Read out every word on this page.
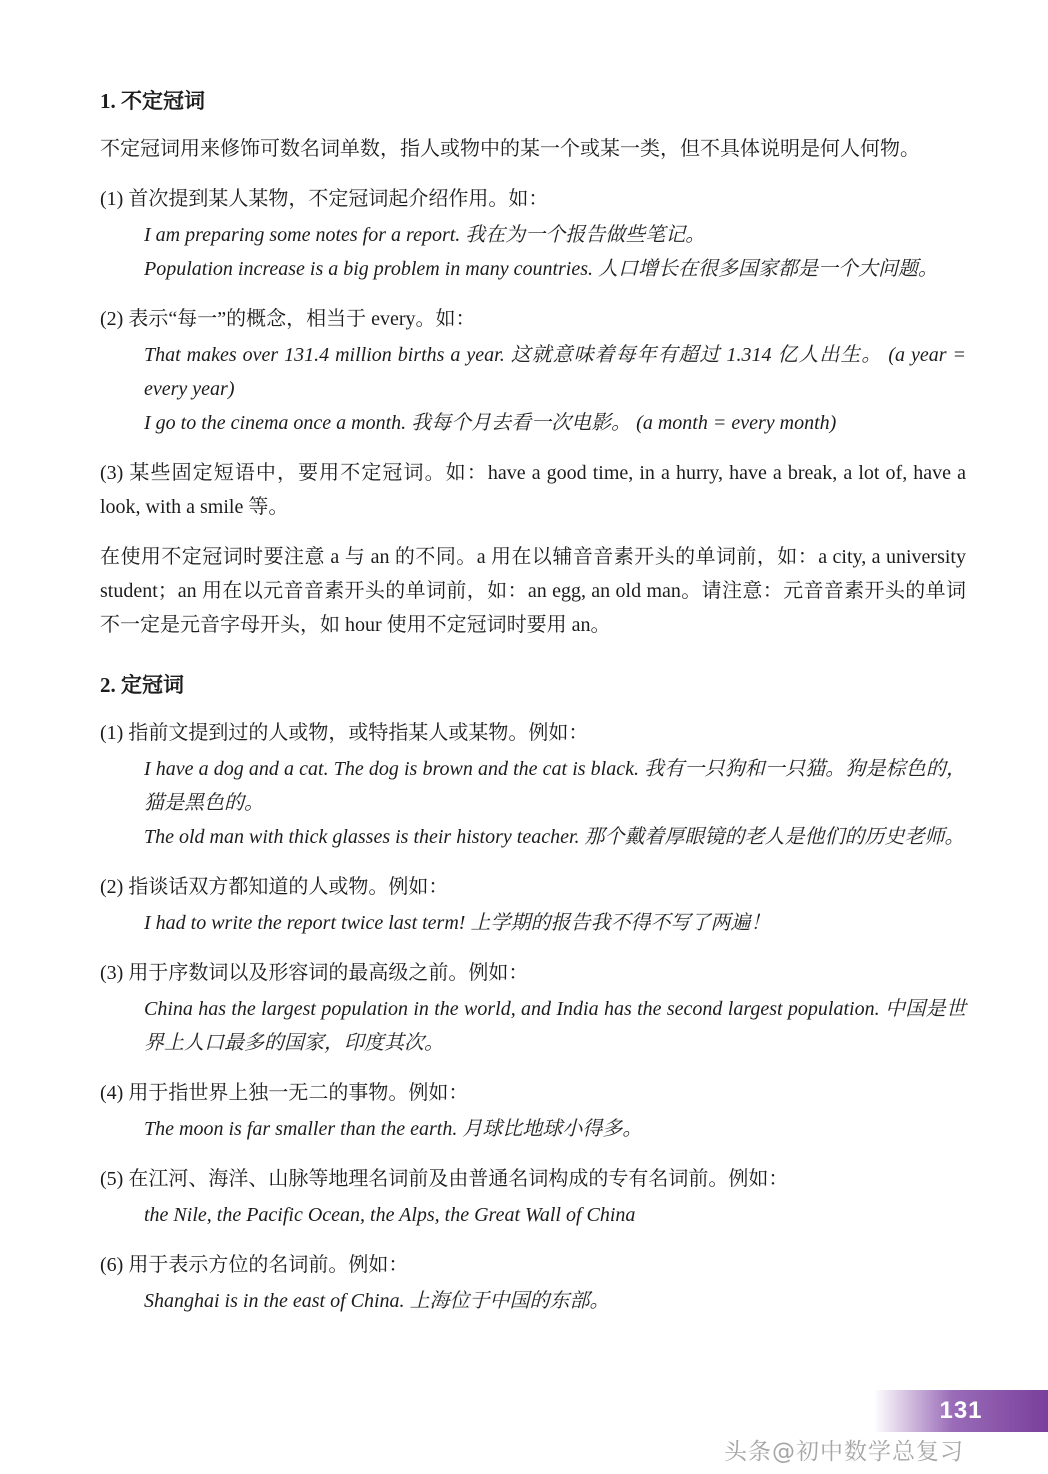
1. 不定冠词

不定冠词用来修饰可数名词单数，指人或物中的某一个或某一类，但不具体说明是何人何物。

(1) 首次提到某人某物，不定冠词起介绍作用。如：

I am preparing some notes for a report. 我在为一个报告做些笔记。

Population increase is a big problem in many countries. 人口增长在很多国家都是一个大问题。

(2) 表示“每一”的概念，相当于 every。如：

That makes over 131.4 million births a year. 这就意味着每年有超过 1.314 亿人出生。 (a year = every year)

I go to the cinema once a month. 我每个月去看一次电影。 (a month = every month)

(3) 某些固定短语中，要用不定冠词。如：have a good time, in a hurry, have a break, a lot of, have a look, with a smile 等。

在使用不定冠词时要注意 a 与 an 的不同。a 用在以辅音音素开头的单词前，如：a city, a university student；an 用在以元音音素开头的单词前，如：an egg, an old man。请注意：元音音素开头的单词不一定是元音字母开头，如 hour 使用不定冠词时要用 an。

2. 定冠词

(1) 指前文提到过的人或物，或特指某人或某物。例如：

I have a dog and a cat. The dog is brown and the cat is black. 我有一只狗和一只猫。狗是棕色的，猫是黑色的。

The old man with thick glasses is their history teacher. 那个戴着厚眼镜的老人是他们的历史老师。

(2) 指谈话双方都知道的人或物。例如：

I had to write the report twice last term! 上学期的报告我不得不写了两遍！

(3) 用于序数词以及形容词的最高级之前。例如：

China has the largest population in the world, and India has the second largest population. 中国是世界上人口最多的国家，印度其次。

(4) 用于指世界上独一无二的事物。例如：

The moon is far smaller than the earth. 月球比地球小得多。

(5) 在江河、海洋、山脉等地理名词前及由普通名词构成的专有名词前。例如：

the Nile, the Pacific Ocean, the Alps, the Great Wall of China

(6) 用于表示方位的名词前。例如：

Shanghai is in the east of China. 上海位于中国的东部。

131
头条@初中数学总复习
